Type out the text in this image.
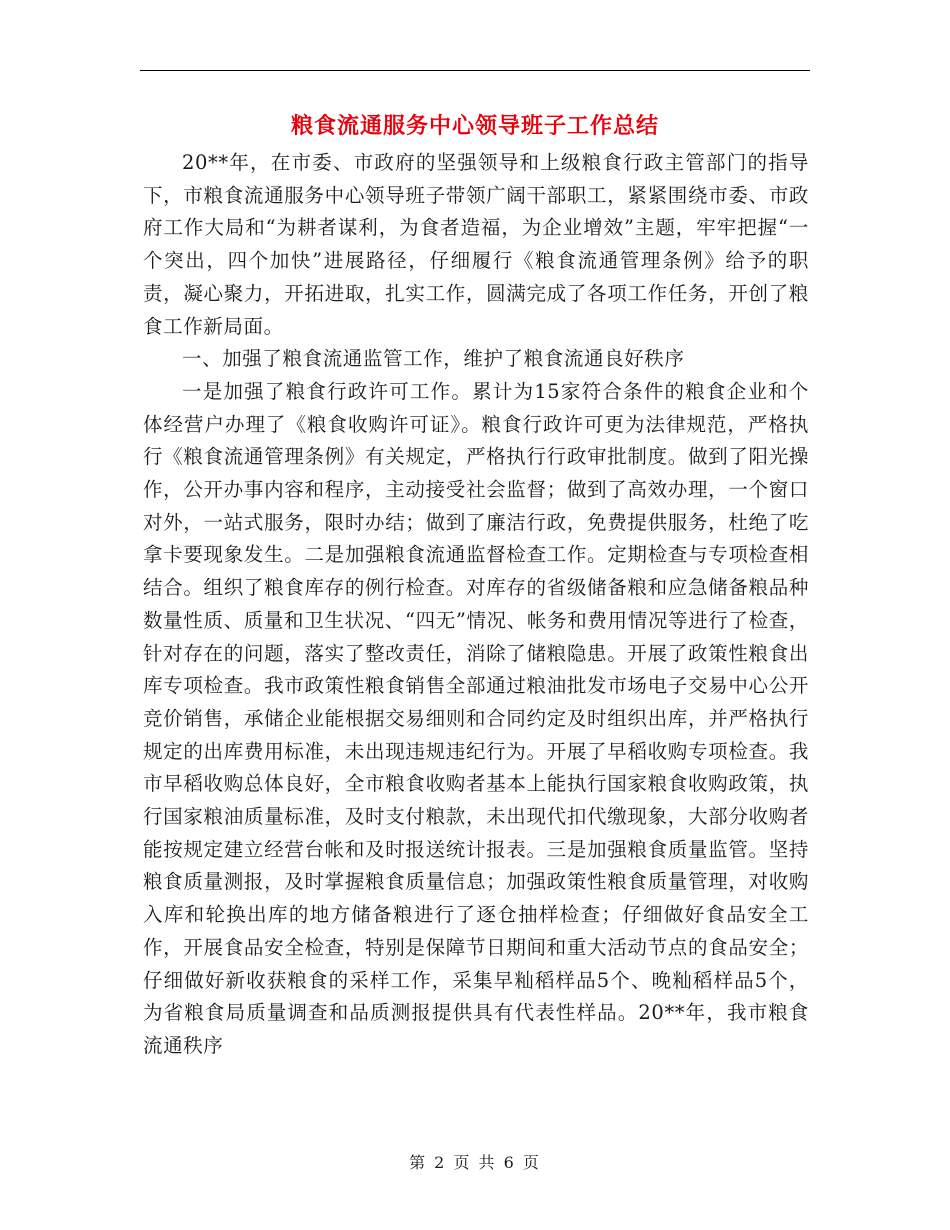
粮食流通服务中心领导班子工作总结

20**年，在市委、市政府的坚强领导和上级粮食行政主管部门的指导下，市粮食流通服务中心领导班子带领广阔干部职工，紧紧围绕市委、市政府工作大局和“为耕者谋利，为食者造福，为企业增效”主题，牢牢把握“一个突出，四个加快”进展路径，仔细履行《粮食流通管理条例》给予的职责，凝心聚力，开拓进取，扎实工作，圆满完成了各项工作任务，开创了粮食工作新局面。

一、加强了粮食流通监管工作，维护了粮食流通良好秩序

一是加强了粮食行政许可工作。累计为15家符合条件的粮食企业和个体经营户办理了《粮食收购许可证》。粮食行政许可更为法律规范，严格执行《粮食流通管理条例》有关规定，严格执行行政审批制度。做到了阳光操作，公开办事内容和程序，主动接受社会监督；做到了高效办理，一个窗口对外，一站式服务，限时办结；做到了廉洁行政，免费提供服务，杜绝了吃拿卡要现象发生。二是加强粮食流通监督检查工作。定期检查与专项检查相结合。组织了粮食库存的例行检查。对库存的省级储备粮和应急储备粮品种数量性质、质量和卫生状况、“四无”情况、帐务和费用情况等进行了检查，针对存在的问题，落实了整改责任，消除了储粮隐患。开展了政策性粮食出库专项检查。我市政策性粮食销售全部通过粮油批发市场电子交易中心公开竞价销售，承储企业能根据交易细则和合同约定及时组织出库，并严格执行规定的出库费用标准，未出现违规违纪行为。开展了早稻收购专项检查。我市早稻收购总体良好，全市粮食收购者基本上能执行国家粮食收购政策，执行国家粮油质量标准，及时支付粮款，未出现代扣代缴现象，大部分收购者能按规定建立经营台帐和及时报送统计报表。三是加强粮食质量监管。坚持粮食质量测报，及时掌握粮食质量信息；加强政策性粮食质量管理，对收购入库和轮换出库的地方储备粮进行了逐仓抽样检查；仔细做好食品安全工作，开展食品安全检查，特别是保障节日期间和重大活动节点的食品安全；仔细做好新收获粮食的采样工作，采集早籼稻样品5个、晚籼稻样品5个，为省粮食局质量调查和品质测报提供具有代表性样品。20**年，我市粮食流通秩序

第 2 页 共 6 页
